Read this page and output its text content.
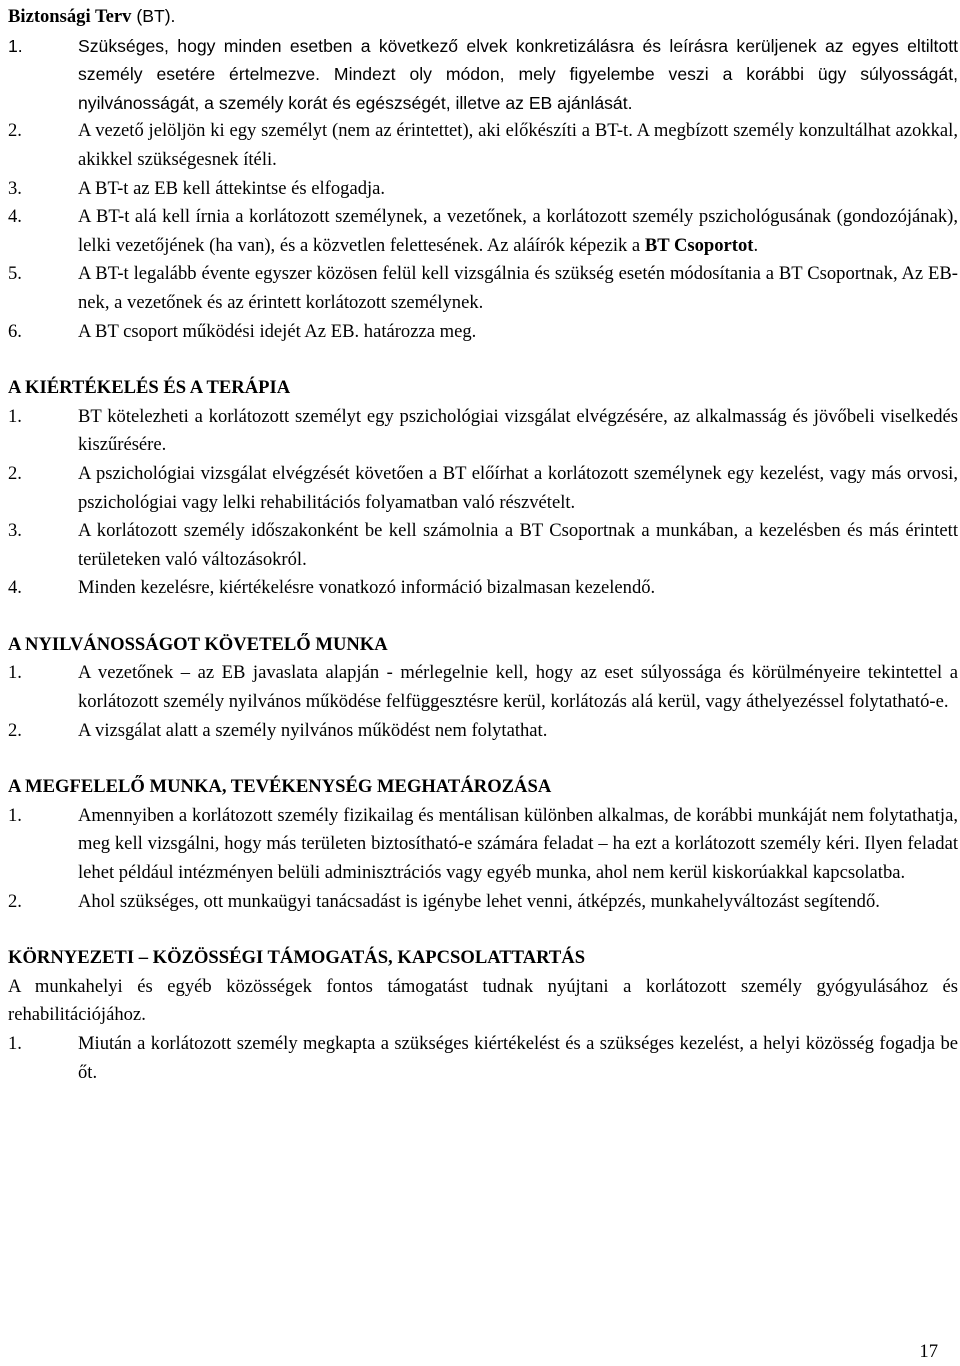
Biztonsági Terv (BT).

1.	Szükséges, hogy minden esetben a következő elvek konkretizálásra és leírásra kerüljenek az egyes eltiltott személy esetére értelmezve. Mindezt oly módon, mely figyelembe veszi a korábbi ügy súlyosságát, nyilvánosságát, a személy korát és egészségét, illetve az EB ajánlását.

2.	A vezető jelöljön ki egy személyt (nem az érintettet), aki előkészíti a BT-t. A megbízott személy konzultálhat azokkal, akikkel szükségesnek ítéli.

3.	A BT-t az EB kell áttekintse és elfogadja.

4.	A BT-t alá kell írnia a korlátozott személynek, a vezetőnek, a korlátozott személy pszichológusának (gondozójának), lelki vezetőjének (ha van), és a közvetlen felettesének. Az aláírók képezik a BT Csoportot.

5.	A BT-t legalább évente egyszer közösen felül kell vizsgálnia és szükség esetén módosítania a BT Csoportnak, Az EB-nek, a vezetőnek és az érintett korlátozott személynek.

6.	A BT csoport működési idejét Az EB. határozza meg.

A KIÉRTÉKELÉS ÉS A TERÁPIA

1.	BT kötelezheti a korlátozott személyt egy pszichológiai vizsgálat elvégzésére, az alkalmasság és jövőbeli viselkedés kiszűrésére.

2.	A pszichológiai vizsgálat elvégzését követően a BT előírhat a korlátozott személynek egy kezelést, vagy más orvosi, pszichológiai vagy lelki rehabilitációs folyamatban való részvételt.

3.	A korlátozott személy időszakonként be kell számolnia a BT Csoportnak a munkában, a kezelésben és más érintett területeken való változásokról.

4.	Minden kezelésre, kiértékelésre vonatkozó információ bizalmasan kezelendő.

A NYILVÁNOSSÁGOT KÖVETELŐ MUNKA

1.	A vezetőnek – az EB javaslata alapján - mérlegelnie kell, hogy az eset súlyossága és körülményeire tekintettel a korlátozott személy nyilvános működése felfüggesztésre kerül, korlátozás alá kerül, vagy áthelyezéssel folytatható-e.

2.	A vizsgálat alatt a személy nyilvános működést nem folytathat.

A MEGFELELŐ MUNKA, TEVÉKENYSÉG MEGHATÁROZÁSA

1.	Amennyiben a korlátozott személy fizikailag és mentálisan különben alkalmas, de korábbi munkáját nem folytathatja, meg kell vizsgálni, hogy más területen biztosítható-e számára feladat – ha ezt a korlátozott személy kéri. Ilyen feladat lehet például intézményen belüli adminisztrációs vagy egyéb munka, ahol nem kerül kiskorúakkal kapcsolatba.

2.	Ahol szükséges, ott munkaügyi tanácsadást is igénybe lehet venni, átképzés, munkahelyváltozást segítendő.

KÖRNYEZETI – KÖZÖSSÉGI TÁMOGATÁS, KAPCSOLATTARTÁS

A munkahelyi és egyéb közösségek fontos támogatást tudnak nyújtani a korlátozott személy gyógyulásához és rehabilitációjához.

1.	Miután a korlátozott személy megkapta a szükséges kiértékelést és a szükséges kezelést, a helyi közösség fogadja be őt.

17
